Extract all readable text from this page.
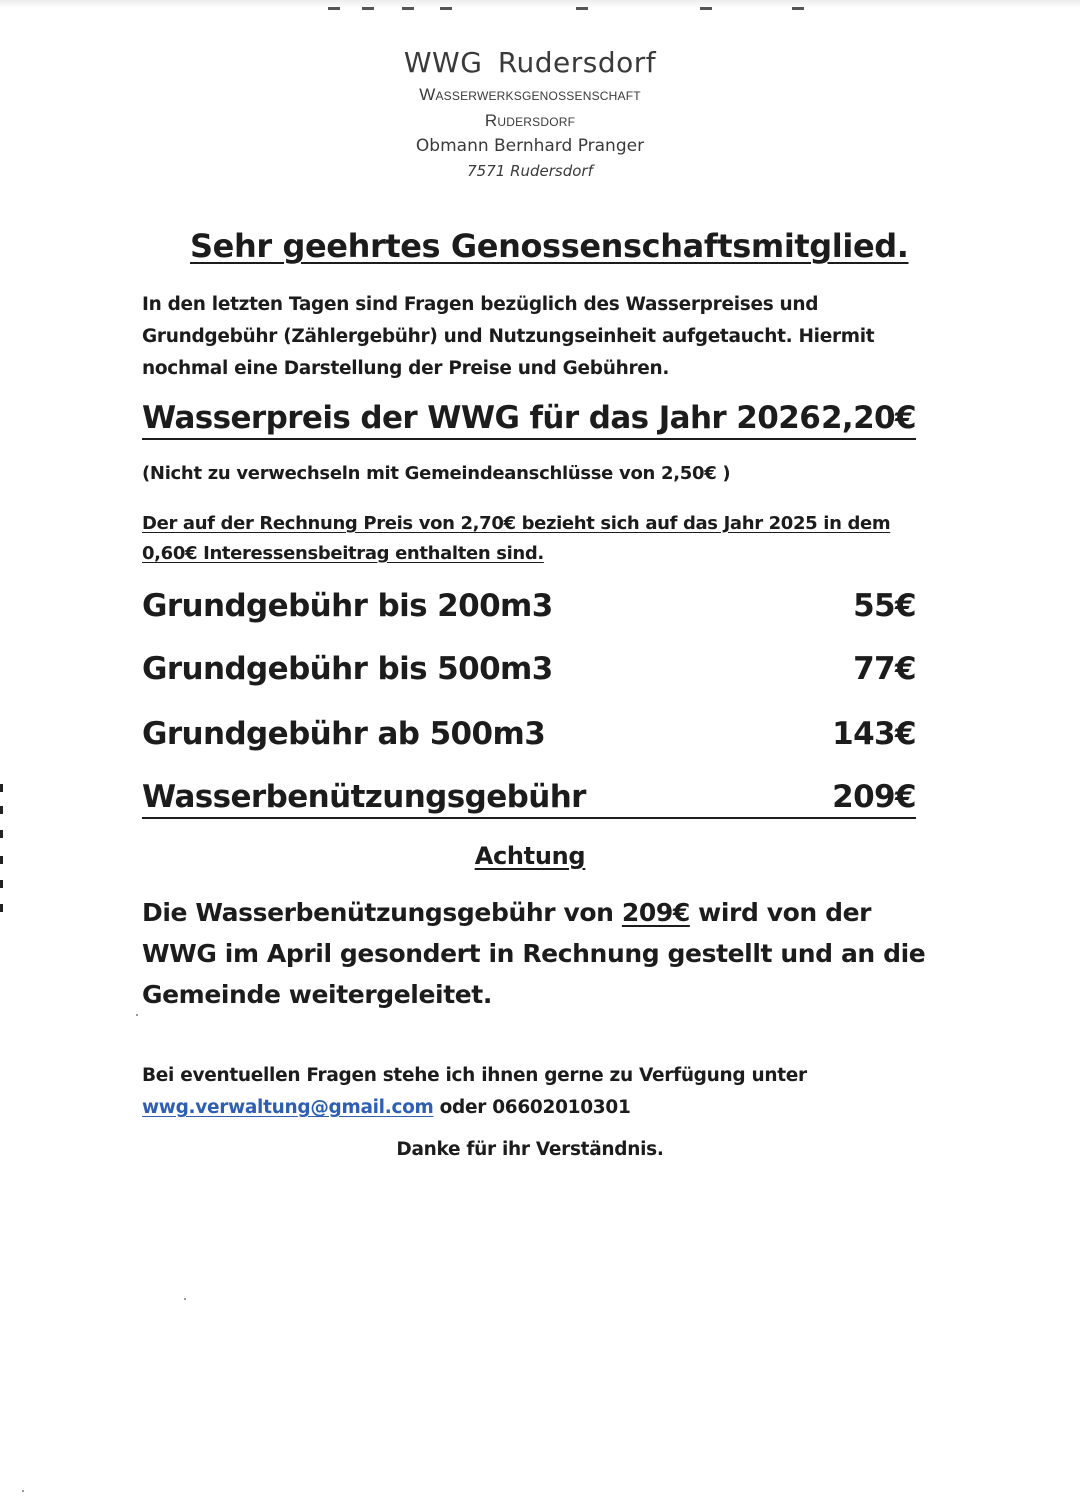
WWG Rudersdorf
Wasserwerksgenossenschaft
Rudersdorf
Obmann Bernhard Pranger
7571 Rudersdorf
Sehr geehrtes Genossenschaftsmitglied.
In den letzten Tagen sind Fragen bezüglich des Wasserpreises und Grundgebühr (Zählergebühr) und Nutzungseinheit aufgetaucht. Hiermit nochmal eine Darstellung der Preise und Gebühren.
Wasserpreis der WWG für das Jahr 2026 2,20€
(Nicht zu verwechseln mit Gemeindeanschlüsse von 2,50€ )
Der auf der Rechnung Preis von 2,70€ bezieht sich auf das Jahr 2025 in dem 0,60€ Interessensbeitrag enthalten sind.
Grundgebühr bis 200m3	55€
Grundgebühr bis 500m3	77€
Grundgebühr ab 500m3	143€
Wasserbenützungsgebühr	209€
Achtung
Die Wasserbenützungsgebühr von 209€ wird von der WWG im April gesondert in Rechnung gestellt und an die Gemeinde weitergeleitet.
Bei eventuellen Fragen stehe ich ihnen gerne zu Verfügung unter
wwg.verwaltung@gmail.com oder 06602010301
Danke für ihr Verständnis.
